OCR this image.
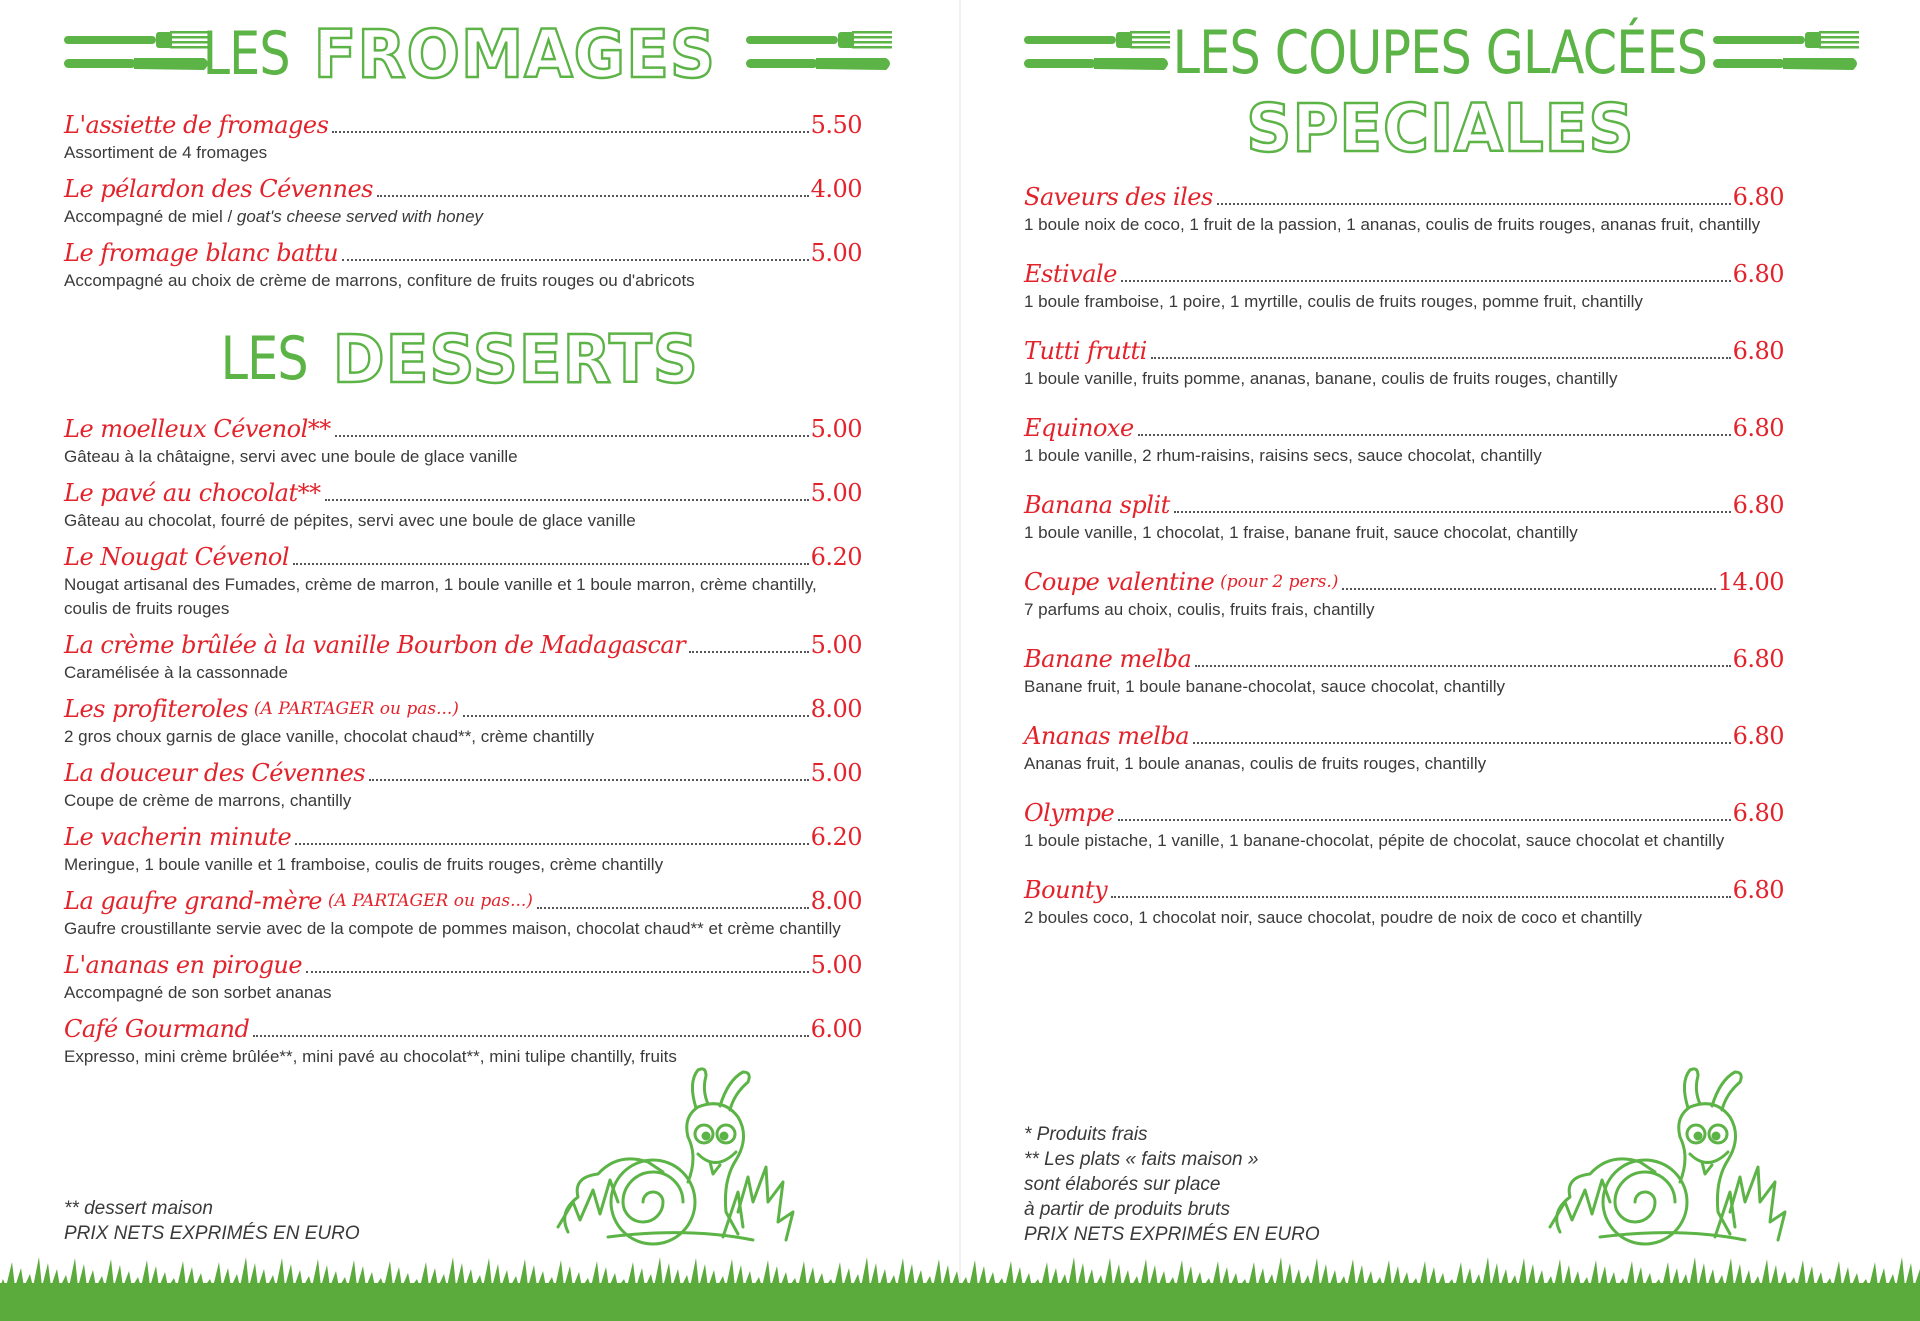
LES FROMAGES
L'assiette de fromages	5.50
Assortiment de 4 fromages
Le pélardon des Cévennes	4.00
Accompagné de miel / goat's cheese served with honey
Le fromage blanc battu	5.00
Accompagné au choix de crème de marrons, confiture de fruits rouges ou d'abricots
LES DESSERTS
Le moelleux Cévenol**	5.00
Gâteau à la châtaigne, servi avec une boule de glace vanille
Le pavé au chocolat**	5.00
Gâteau au chocolat, fourré de pépites, servi avec une boule de glace vanille
Le Nougat Cévenol	6.20
Nougat artisanal des Fumades, crème de marron, 1 boule vanille et 1 boule marron, crème chantilly, coulis de fruits rouges
La crème brûlée à la vanille Bourbon de Madagascar	5.00
Caramélisée à la cassonnade
Les profiteroles (A PARTAGER ou pas...)	8.00
2 gros choux garnis de glace vanille, chocolat chaud**, crème chantilly
La douceur des Cévennes	5.00
Coupe de crème de marrons, chantilly
Le vacherin minute	6.20
Meringue, 1 boule vanille et 1 framboise, coulis de fruits rouges, crème chantilly
La gaufre grand-mère (A PARTAGER ou pas...)	8.00
Gaufre croustillante servie avec de la compote de pommes maison, chocolat chaud** et crème chantilly
L'ananas en pirogue	5.00
Accompagné de son sorbet ananas
Café Gourmand	6.00
Expresso, mini crème brûlée**, mini pavé au chocolat**, mini tulipe chantilly, fruits
** dessert maison
PRIX NETS EXPRIMÉS EN EURO
LES COUPES GLACÉES
SPECIALES
Saveurs des iles	6.80
1 boule noix de coco, 1 fruit de la passion, 1 ananas, coulis de fruits rouges, ananas fruit, chantilly
Estivale	6.80
1 boule framboise, 1 poire, 1 myrtille, coulis de fruits rouges, pomme fruit, chantilly
Tutti frutti	6.80
1 boule vanille, fruits pomme, ananas, banane, coulis de fruits rouges, chantilly
Equinoxe	6.80
1 boule vanille, 2 rhum-raisins, raisins secs, sauce chocolat, chantilly
Banana split	6.80
1 boule vanille, 1 chocolat, 1 fraise, banane fruit, sauce chocolat, chantilly
Coupe valentine (pour 2 pers.)	14.00
7 parfums au choix, coulis, fruits frais, chantilly
Banane melba	6.80
Banane fruit, 1 boule banane-chocolat, sauce chocolat, chantilly
Ananas melba	6.80
Ananas fruit, 1 boule ananas, coulis de fruits rouges, chantilly
Olympe	6.80
1 boule pistache, 1 vanille, 1 banane-chocolat, pépite de chocolat, sauce chocolat et chantilly
Bounty	6.80
2 boules coco, 1 chocolat noir, sauce chocolat, poudre de noix de coco et chantilly
* Produits frais
** Les plats « faits maison »
sont élaborés sur place
à partir de produits bruts
PRIX NETS EXPRIMÉS EN EURO
